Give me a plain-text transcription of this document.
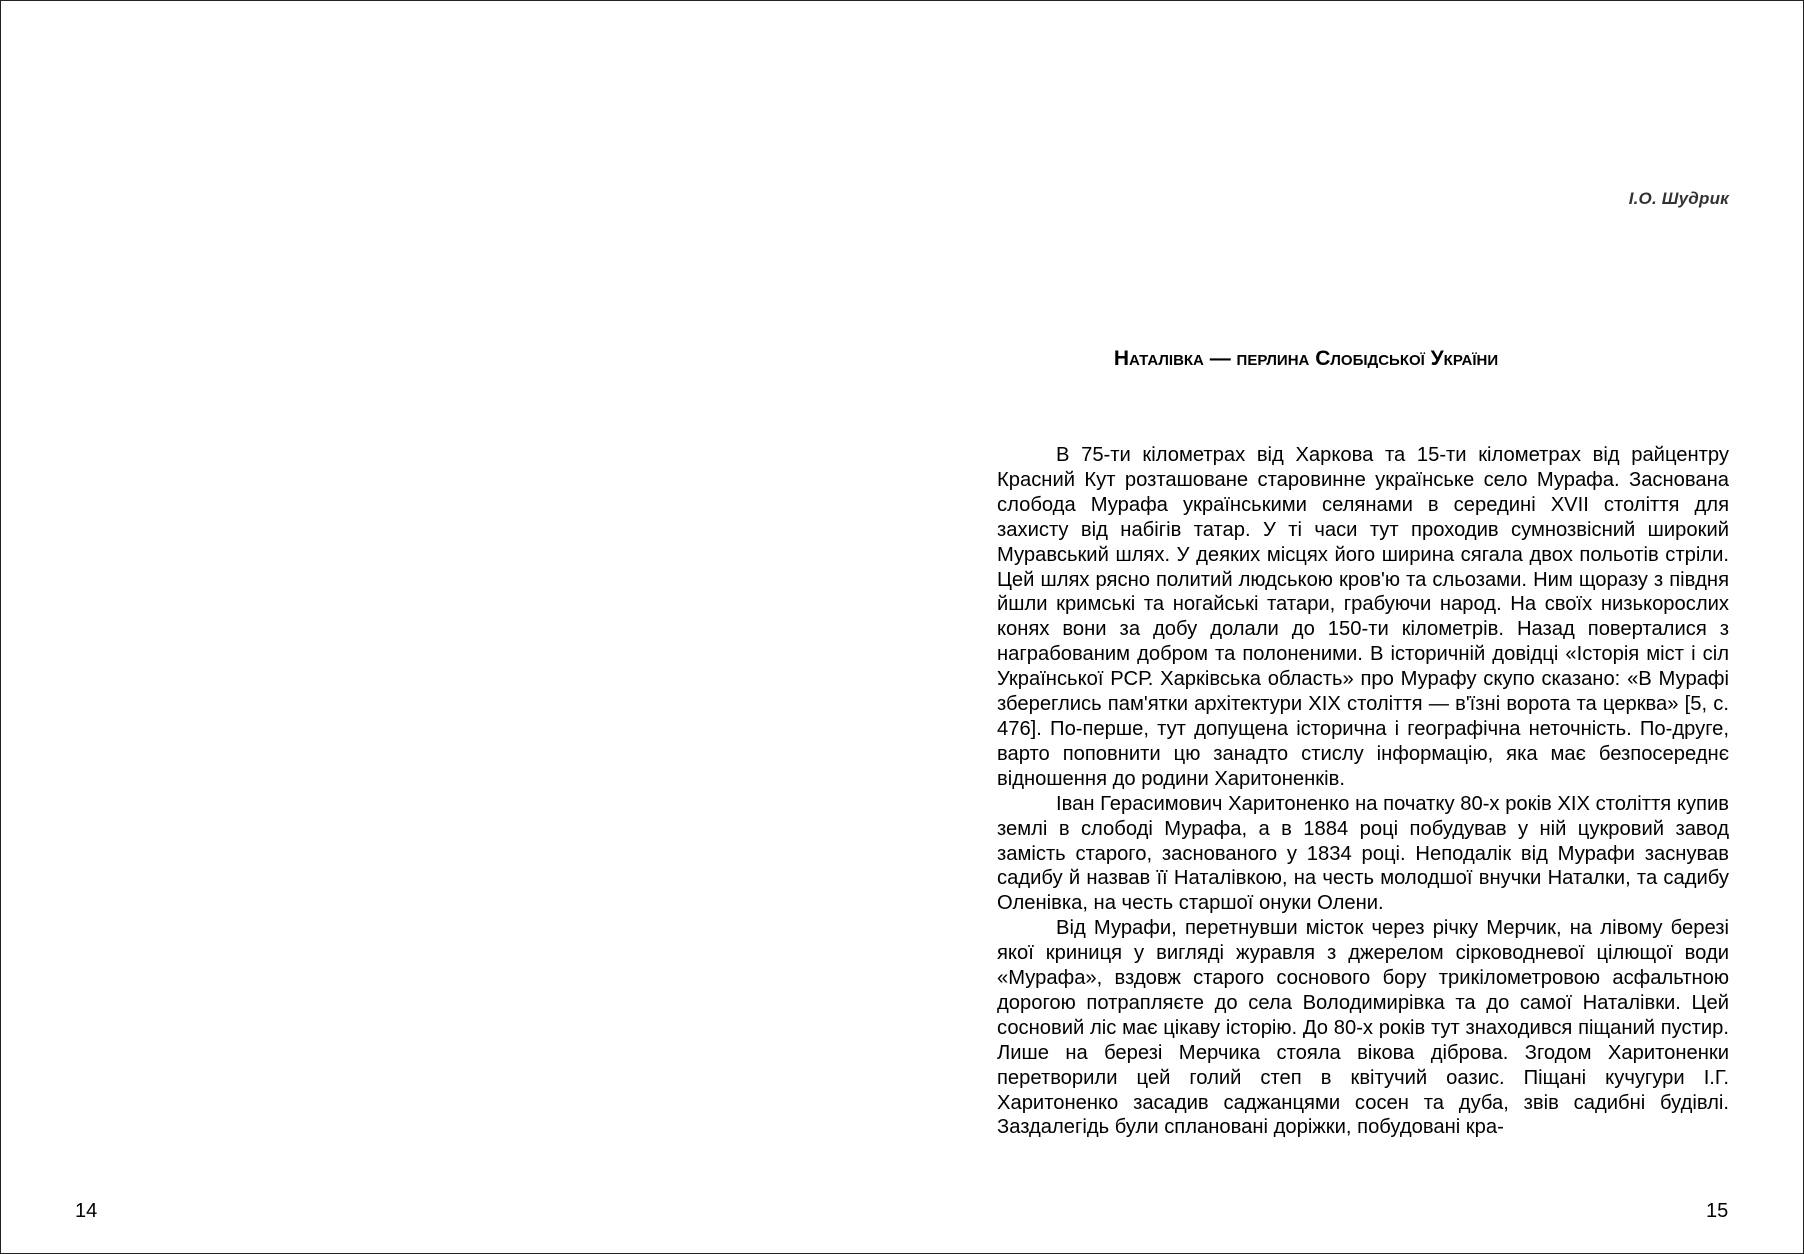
14
І.О. Шудрик
Наталівка — перлина Слобідської України

В 75-ти кілометрах від Харкова та 15-ти кілометрах від райцентру Красний Кут розташоване старовинне українське село Мурафа. Заснована слобода Мурафа українськими селянами в середині XVII століття для захисту від набігів татар. У ті часи тут проходив сумнозвісний широкий Муравський шлях. У деяких місцях його ширина сягала двох польотів стріли. Цей шлях рясно политий людською кров'ю та сльозами. Ним щоразу з півдня йшли кримські та ногайські татари, грабуючи народ. На своїх низькорослих конях вони за добу долали до 150-ти кілометрів. Назад поверталися з награбованим добром та полоненими. В історичній довідці «Історія міст і сіл Української РСР. Харківська область» про Мурафу скупо сказано: «В Мурафі збереглись пам'ятки архітектури XIX століття — в'їзні ворота та церква» [5, с. 476]. По-перше, тут допущена історична і географічна неточність. По-друге, варто поповнити цю занадто стислу інформацію, яка має безпосереднє відношення до родини Харитоненків.

Іван Герасимович Харитоненко на початку 80-х років XIX століття купив землі в слободі Мурафа, а в 1884 році побудував у ній цукровий завод замість старого, заснованого у 1834 році. Неподалік від Мурафи заснував садибу й назвав її Наталівкою, на честь молодшої внучки Наталки, та садибу Оленівка, на честь старшої онуки Олени.

Від Мурафи, перетнувши місток через річку Мерчик, на лівому березі якої криниця у вигляді журавля з джерелом сірководневої цілющої води «Мурафа», вздовж старого соснового бору трикілометровою асфальтною дорогою потрапляєте до села Володимирівка та до самої Наталівки. Цей сосновий ліс має цікаву історію. До 80-х років тут знаходився піщаний пустир. Лише на березі Мерчика стояла вікова діброва. Згодом Харитоненки перетворили цей голий степ в квітучий оазис. Піщані кучугури І.Г. Харитоненко засадив саджанцями сосен та дуба, звів садибні будівлі. Заздалегідь були сплановані доріжки, побудовані кра-

15
